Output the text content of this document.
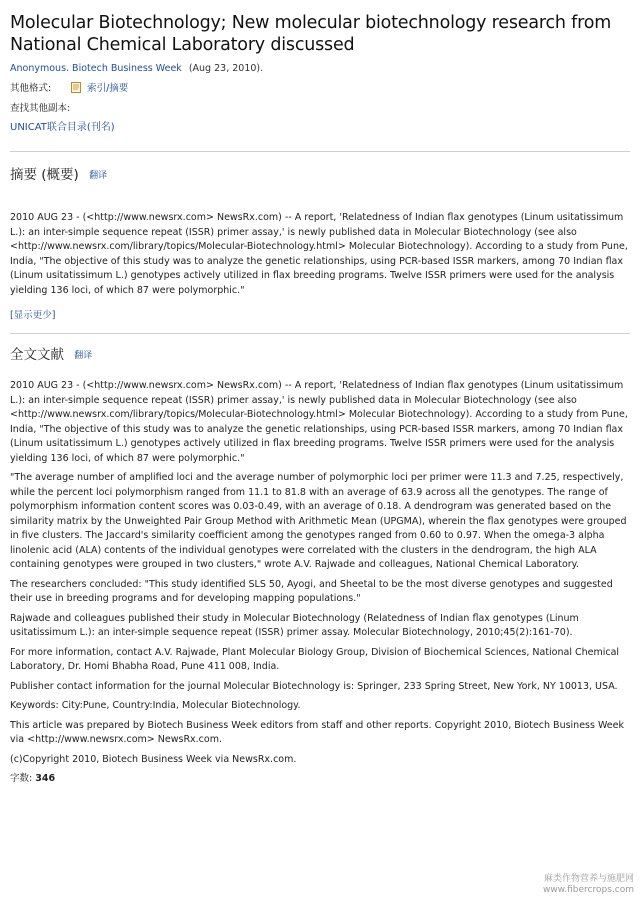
Molecular Biotechnology; New molecular biotechnology research from National Chemical Laboratory discussed
Anonymous. Biotech Business Week (Aug 23, 2010).
其他格式:	索引/摘要
查找其他副本:
UNICAT联合目录(刊名)
摘要 (概要) 翻译

2010 AUG 23 - (<http://www.newsrx.com> NewsRx.com) -- A report, 'Relatedness of Indian flax genotypes (Linum usitatissimum L.): an inter-simple sequence repeat (ISSR) primer assay,' is newly published data in Molecular Biotechnology (see also <http://www.newsrx.com/library/topics/Molecular-Biotechnology.html> Molecular Biotechnology). According to a study from Pune, India, "The objective of this study was to analyze the genetic relationships, using PCR-based ISSR markers, among 70 Indian flax (Linum usitatissimum L.) genotypes actively utilized in flax breeding programs. Twelve ISSR primers were used for the analysis yielding 136 loci, of which 87 were polymorphic."

[显示更少]
全文文献 翻译

2010 AUG 23 - (<http://www.newsrx.com> NewsRx.com) -- A report, 'Relatedness of Indian flax genotypes (Linum usitatissimum L.): an inter-simple sequence repeat (ISSR) primer assay,' is newly published data in Molecular Biotechnology (see also <http://www.newsrx.com/library/topics/Molecular-Biotechnology.html> Molecular Biotechnology). According to a study from Pune, India, "The objective of this study was to analyze the genetic relationships, using PCR-based ISSR markers, among 70 Indian flax (Linum usitatissimum L.) genotypes actively utilized in flax breeding programs. Twelve ISSR primers were used for the analysis yielding 136 loci, of which 87 were polymorphic."

"The average number of amplified loci and the average number of polymorphic loci per primer were 11.3 and 7.25, respectively, while the percent loci polymorphism ranged from 11.1 to 81.8 with an average of 63.9 across all the genotypes. The range of polymorphism information content scores was 0.03-0.49, with an average of 0.18. A dendrogram was generated based on the similarity matrix by the Unweighted Pair Group Method with Arithmetic Mean (UPGMA), wherein the flax genotypes were grouped in five clusters. The Jaccard's similarity coefficient among the genotypes ranged from 0.60 to 0.97. When the omega-3 alpha linolenic acid (ALA) contents of the individual genotypes were correlated with the clusters in the dendrogram, the high ALA containing genotypes were grouped in two clusters," wrote A.V. Rajwade and colleagues, National Chemical Laboratory.

The researchers concluded: "This study identified SLS 50, Ayogi, and Sheetal to be the most diverse genotypes and suggested their use in breeding programs and for developing mapping populations."

Rajwade and colleagues published their study in Molecular Biotechnology (Relatedness of Indian flax genotypes (Linum usitatissimum L.): an inter-simple sequence repeat (ISSR) primer assay. Molecular Biotechnology, 2010;45(2):161-70).

For more information, contact A.V. Rajwade, Plant Molecular Biology Group, Division of Biochemical Sciences, National Chemical Laboratory, Dr. Homi Bhabha Road, Pune 411 008, India.

Publisher contact information for the journal Molecular Biotechnology is: Springer, 233 Spring Street, New York, NY 10013, USA.

Keywords: City:Pune, Country:India, Molecular Biotechnology.

This article was prepared by Biotech Business Week editors from staff and other reports. Copyright 2010, Biotech Business Week via <http://www.newsrx.com> NewsRx.com.

(c)Copyright 2010, Biotech Business Week via NewsRx.com.

字数: 346
麻类作物营养与施肥网
www.fibercrops.com
